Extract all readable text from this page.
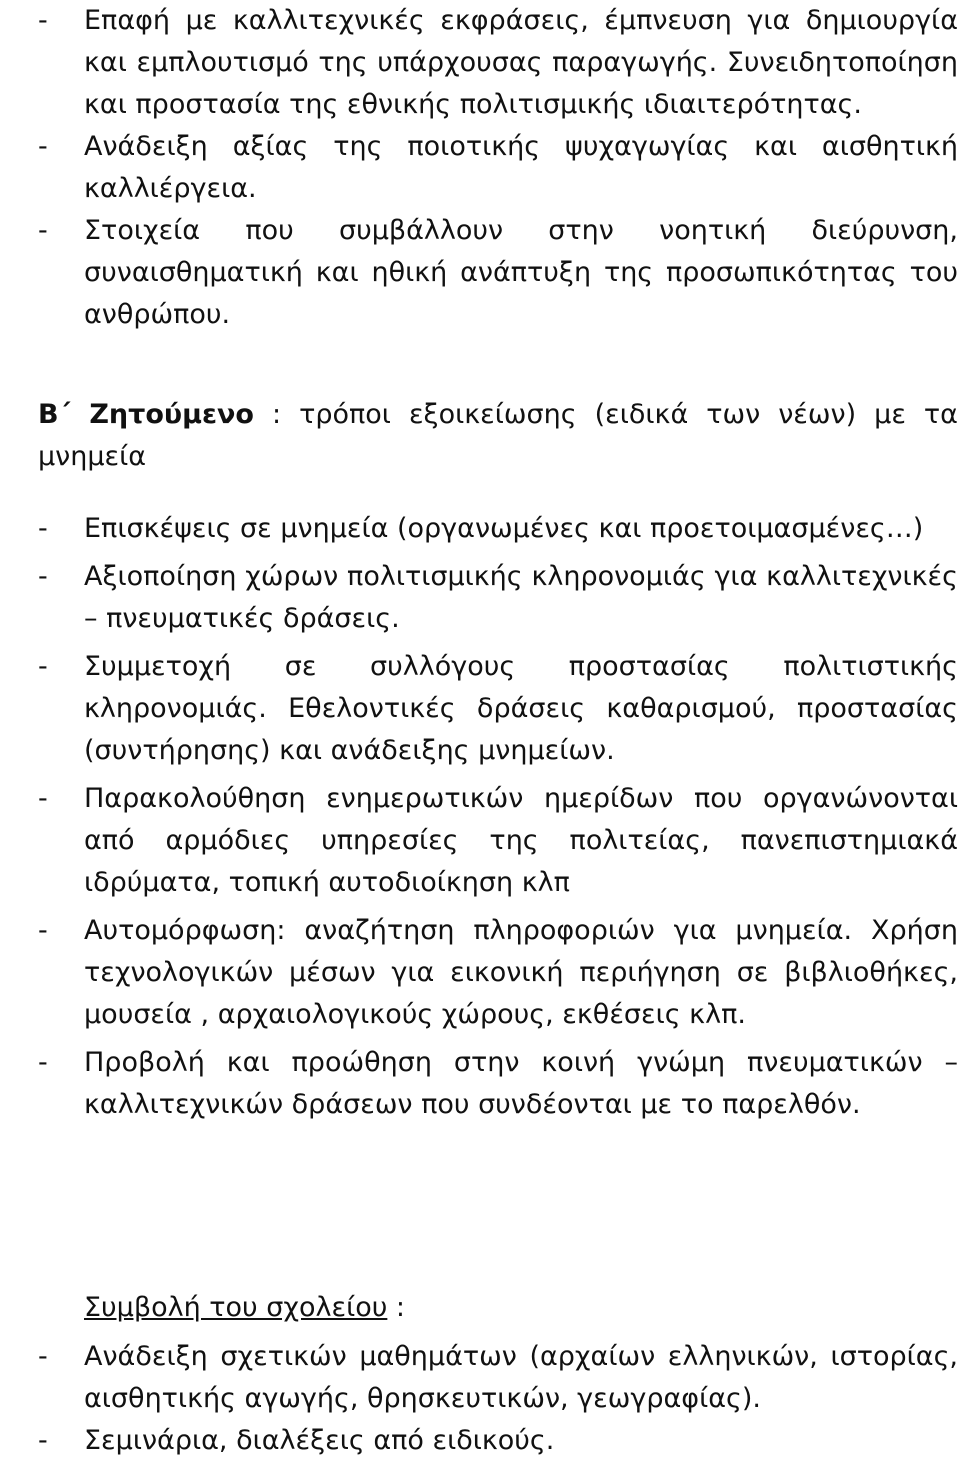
- Επαφή με καλλιτεχνικές εκφράσεις, έμπνευση για δημιουργία και εμπλουτισμό της υπάρχουσας παραγωγής. Συνειδητοποίηση και προστασία της εθνικής πολιτισμικής ιδιαιτερότητας.
- Ανάδειξη αξίας της ποιοτικής ψυχαγωγίας και αισθητική καλλιέργεια.
- Στοιχεία που συμβάλλουν στην νοητική διεύρυνση, συναισθηματική και ηθική ανάπτυξη της προσωπικότητας του ανθρώπου.
Β΄ Ζητούμενο : τρόποι εξοικείωσης (ειδικά των νέων) με τα μνημεία
- Επισκέψεις σε μνημεία (οργανωμένες και προετοιμασμένες…)
- Αξιοποίηση χώρων πολιτισμικής κληρονομιάς για καλλιτεχνικές – πνευματικές δράσεις.
- Συμμετοχή σε συλλόγους προστασίας πολιτιστικής κληρονομιάς. Εθελοντικές δράσεις καθαρισμού, προστασίας (συντήρησης) και ανάδειξης μνημείων.
- Παρακολούθηση ενημερωτικών ημερίδων που οργανώνονται από αρμόδιες υπηρεσίες της πολιτείας, πανεπιστημιακά ιδρύματα, τοπική αυτοδιοίκηση κλπ
- Αυτομόρφωση: αναζήτηση πληροφοριών για μνημεία. Χρήση τεχνολογικών μέσων για εικονική περιήγηση σε βιβλιοθήκες, μουσεία , αρχαιολογικούς χώρους, εκθέσεις κλπ.
- Προβολή και προώθηση στην κοινή γνώμη πνευματικών – καλλιτεχνικών δράσεων που συνδέονται με το παρελθόν.
Συμβολή του σχολείου :
- Ανάδειξη σχετικών μαθημάτων (αρχαίων ελληνικών, ιστορίας, αισθητικής αγωγής, θρησκευτικών, γεωγραφίας).
- Σεμινάρια, διαλέξεις από ειδικούς.
